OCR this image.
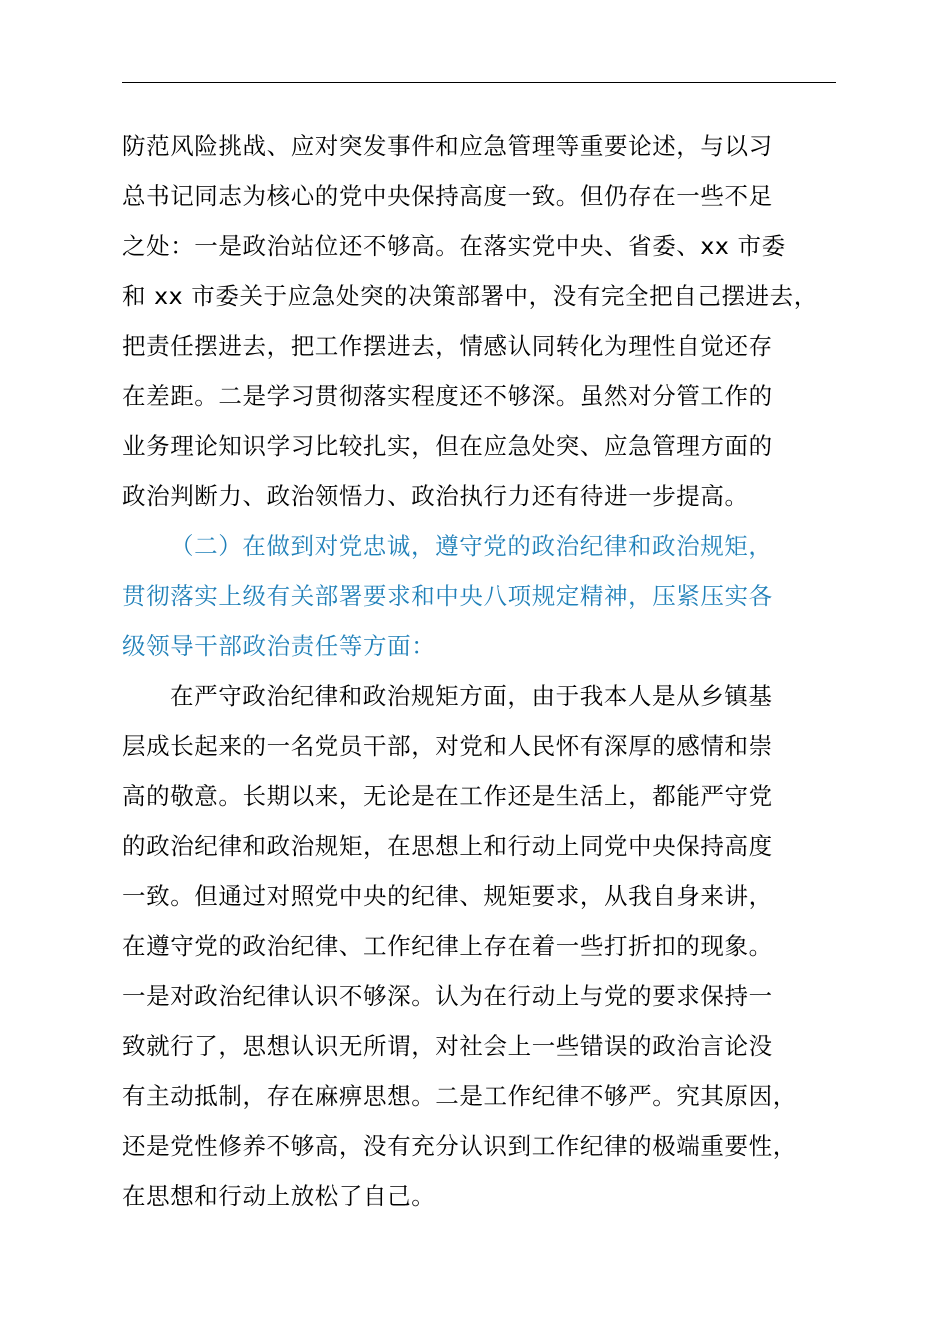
防范风险挑战、应对突发事件和应急管理等重要论述，与以习
总书记同志为核心的党中央保持高度一致。但仍存在一些不足
之处：一是政治站位还不够高。在落实党中央、省委、xx 市委
和 xx 市委关于应急处突的决策部署中，没有完全把自己摆进去，
把责任摆进去，把工作摆进去，情感认同转化为理性自觉还存
在差距。二是学习贯彻落实程度还不够深。虽然对分管工作的
业务理论知识学习比较扎实，但在应急处突、应急管理方面的
政治判断力、政治领悟力、政治执行力还有待进一步提高。
（二）在做到对党忠诚，遵守党的政治纪律和政治规矩，
贯彻落实上级有关部署要求和中央八项规定精神，压紧压实各
级领导干部政治责任等方面：
在严守政治纪律和政治规矩方面，由于我本人是从乡镇基
层成长起来的一名党员干部，对党和人民怀有深厚的感情和崇
高的敬意。长期以来，无论是在工作还是生活上，都能严守党
的政治纪律和政治规矩，在思想上和行动上同党中央保持高度
一致。但通过对照党中央的纪律、规矩要求，从我自身来讲，
在遵守党的政治纪律、工作纪律上存在着一些打折扣的现象。
一是对政治纪律认识不够深。认为在行动上与党的要求保持一
致就行了，思想认识无所谓，对社会上一些错误的政治言论没
有主动抵制，存在麻痹思想。二是工作纪律不够严。究其原因，
还是党性修养不够高，没有充分认识到工作纪律的极端重要性，
在思想和行动上放松了自己。
